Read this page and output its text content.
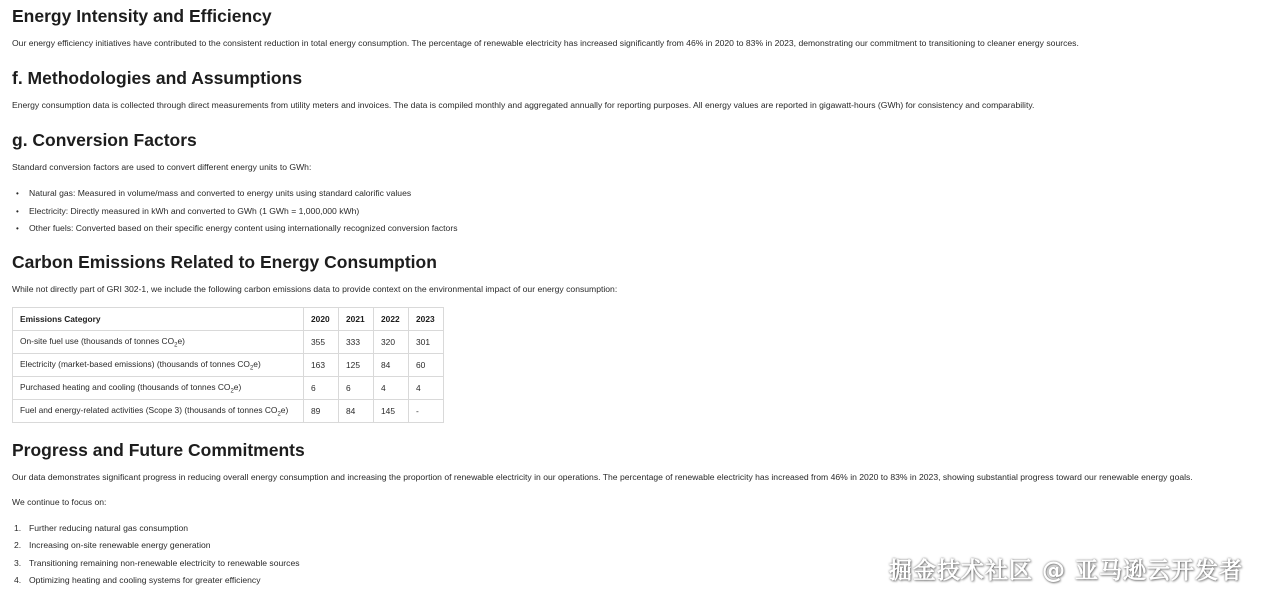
Energy Intensity and Efficiency

Our energy efficiency initiatives have contributed to the consistent reduction in total energy consumption. The percentage of renewable electricity has increased significantly from 46% in 2020 to 83% in 2023, demonstrating our commitment to transitioning to cleaner energy sources.

f. Methodologies and Assumptions

Energy consumption data is collected through direct measurements from utility meters and invoices. The data is compiled monthly and aggregated annually for reporting purposes. All energy values are reported in gigawatt-hours (GWh) for consistency and comparability.

g. Conversion Factors

Standard conversion factors are used to convert different energy units to GWh:

• Natural gas: Measured in volume/mass and converted to energy units using standard calorific values
• Electricity: Directly measured in kWh and converted to GWh (1 GWh = 1,000,000 kWh)
• Other fuels: Converted based on their specific energy content using internationally recognized conversion factors
Carbon Emissions Related to Energy Consumption

While not directly part of GRI 302-1, we include the following carbon emissions data to provide context on the environmental impact of our energy consumption:

Emissions Category	2020	2021	2022	2023
On-site fuel use (thousands of tonnes $CO_2e$)	355	333	320	301
Electricity (market-based emissions) (thousands of tonnes $CO_2e$)	163	125	84	60
Purchased heating and cooling (thousands of tonnes $CO_2e$)	6	6	4	4
Fuel and energy-related activities (Scope 3) (thousands of tonnes $CO_2e$)	89	84	145	-
Progress and Future Commitments

Our data demonstrates significant progress in reducing overall energy consumption and increasing the proportion of renewable electricity in our operations. The percentage of renewable electricity has increased from 46% in 2020 to 83% in 2023, showing substantial progress toward our renewable energy goals.

We continue to focus on:

1. Further reducing natural gas consumption
2. Increasing on-site renewable energy generation
3. Transitioning remaining non-renewable electricity to renewable sources
4. Optimizing heating and cooling systems for greater efficiency	掘金技术社区 @ 亚马逊云开发者
